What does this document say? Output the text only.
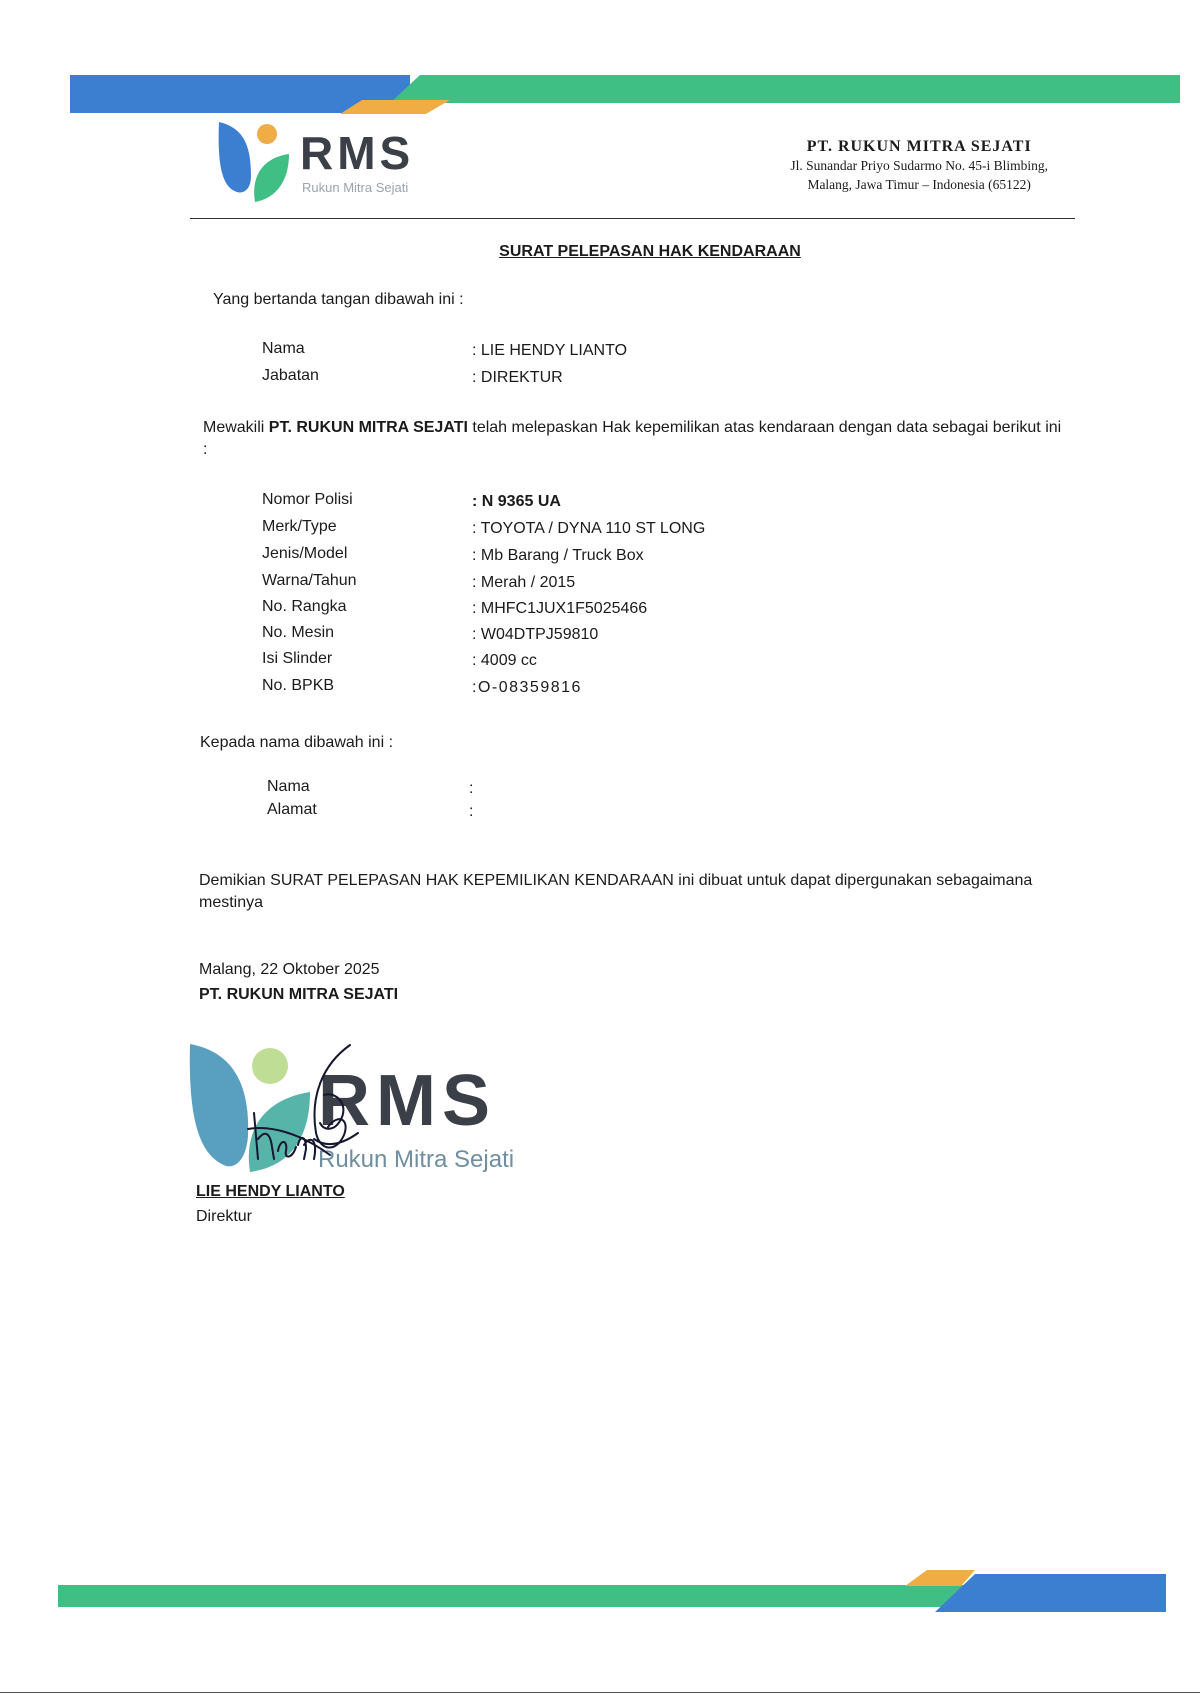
RMS
Rukun Mitra Sejati
PT. RUKUN MITRA SEJATI
Jl. Sunandar Priyo Sudarmo No. 45-i Blimbing,
Malang, Jawa Timur – Indonesia (65122)
SURAT PELEPASAN HAK KENDARAAN
Yang bertanda tangan dibawah ini :
Nama	: LIE HENDY LIANTO
Jabatan	: DIREKTUR
Mewakili PT. RUKUN MITRA SEJATI telah melepaskan Hak kepemilikan atas kendaraan dengan data sebagai berikut ini :
Nomor Polisi	: N 9365 UA
Merk/Type	: TOYOTA / DYNA 110 ST LONG
Jenis/Model	: Mb Barang / Truck Box
Warna/Tahun	: Merah / 2015
No. Rangka	: MHFC1JUX1F5025466
No. Mesin	: W04DTPJ59810
Isi Slinder	: 4009 cc
No. BPKB	:O-08359816
Kepada nama dibawah ini :
Nama	:
Alamat	:
Demikian SURAT PELEPASAN HAK KEPEMILIKAN KENDARAAN ini dibuat untuk dapat dipergunakan sebagaimana mestinya
Malang, 22 Oktober 2025
PT. RUKUN MITRA SEJATI
RMS
Rukun Mitra Sejati
LIE HENDY LIANTO
Direktur
